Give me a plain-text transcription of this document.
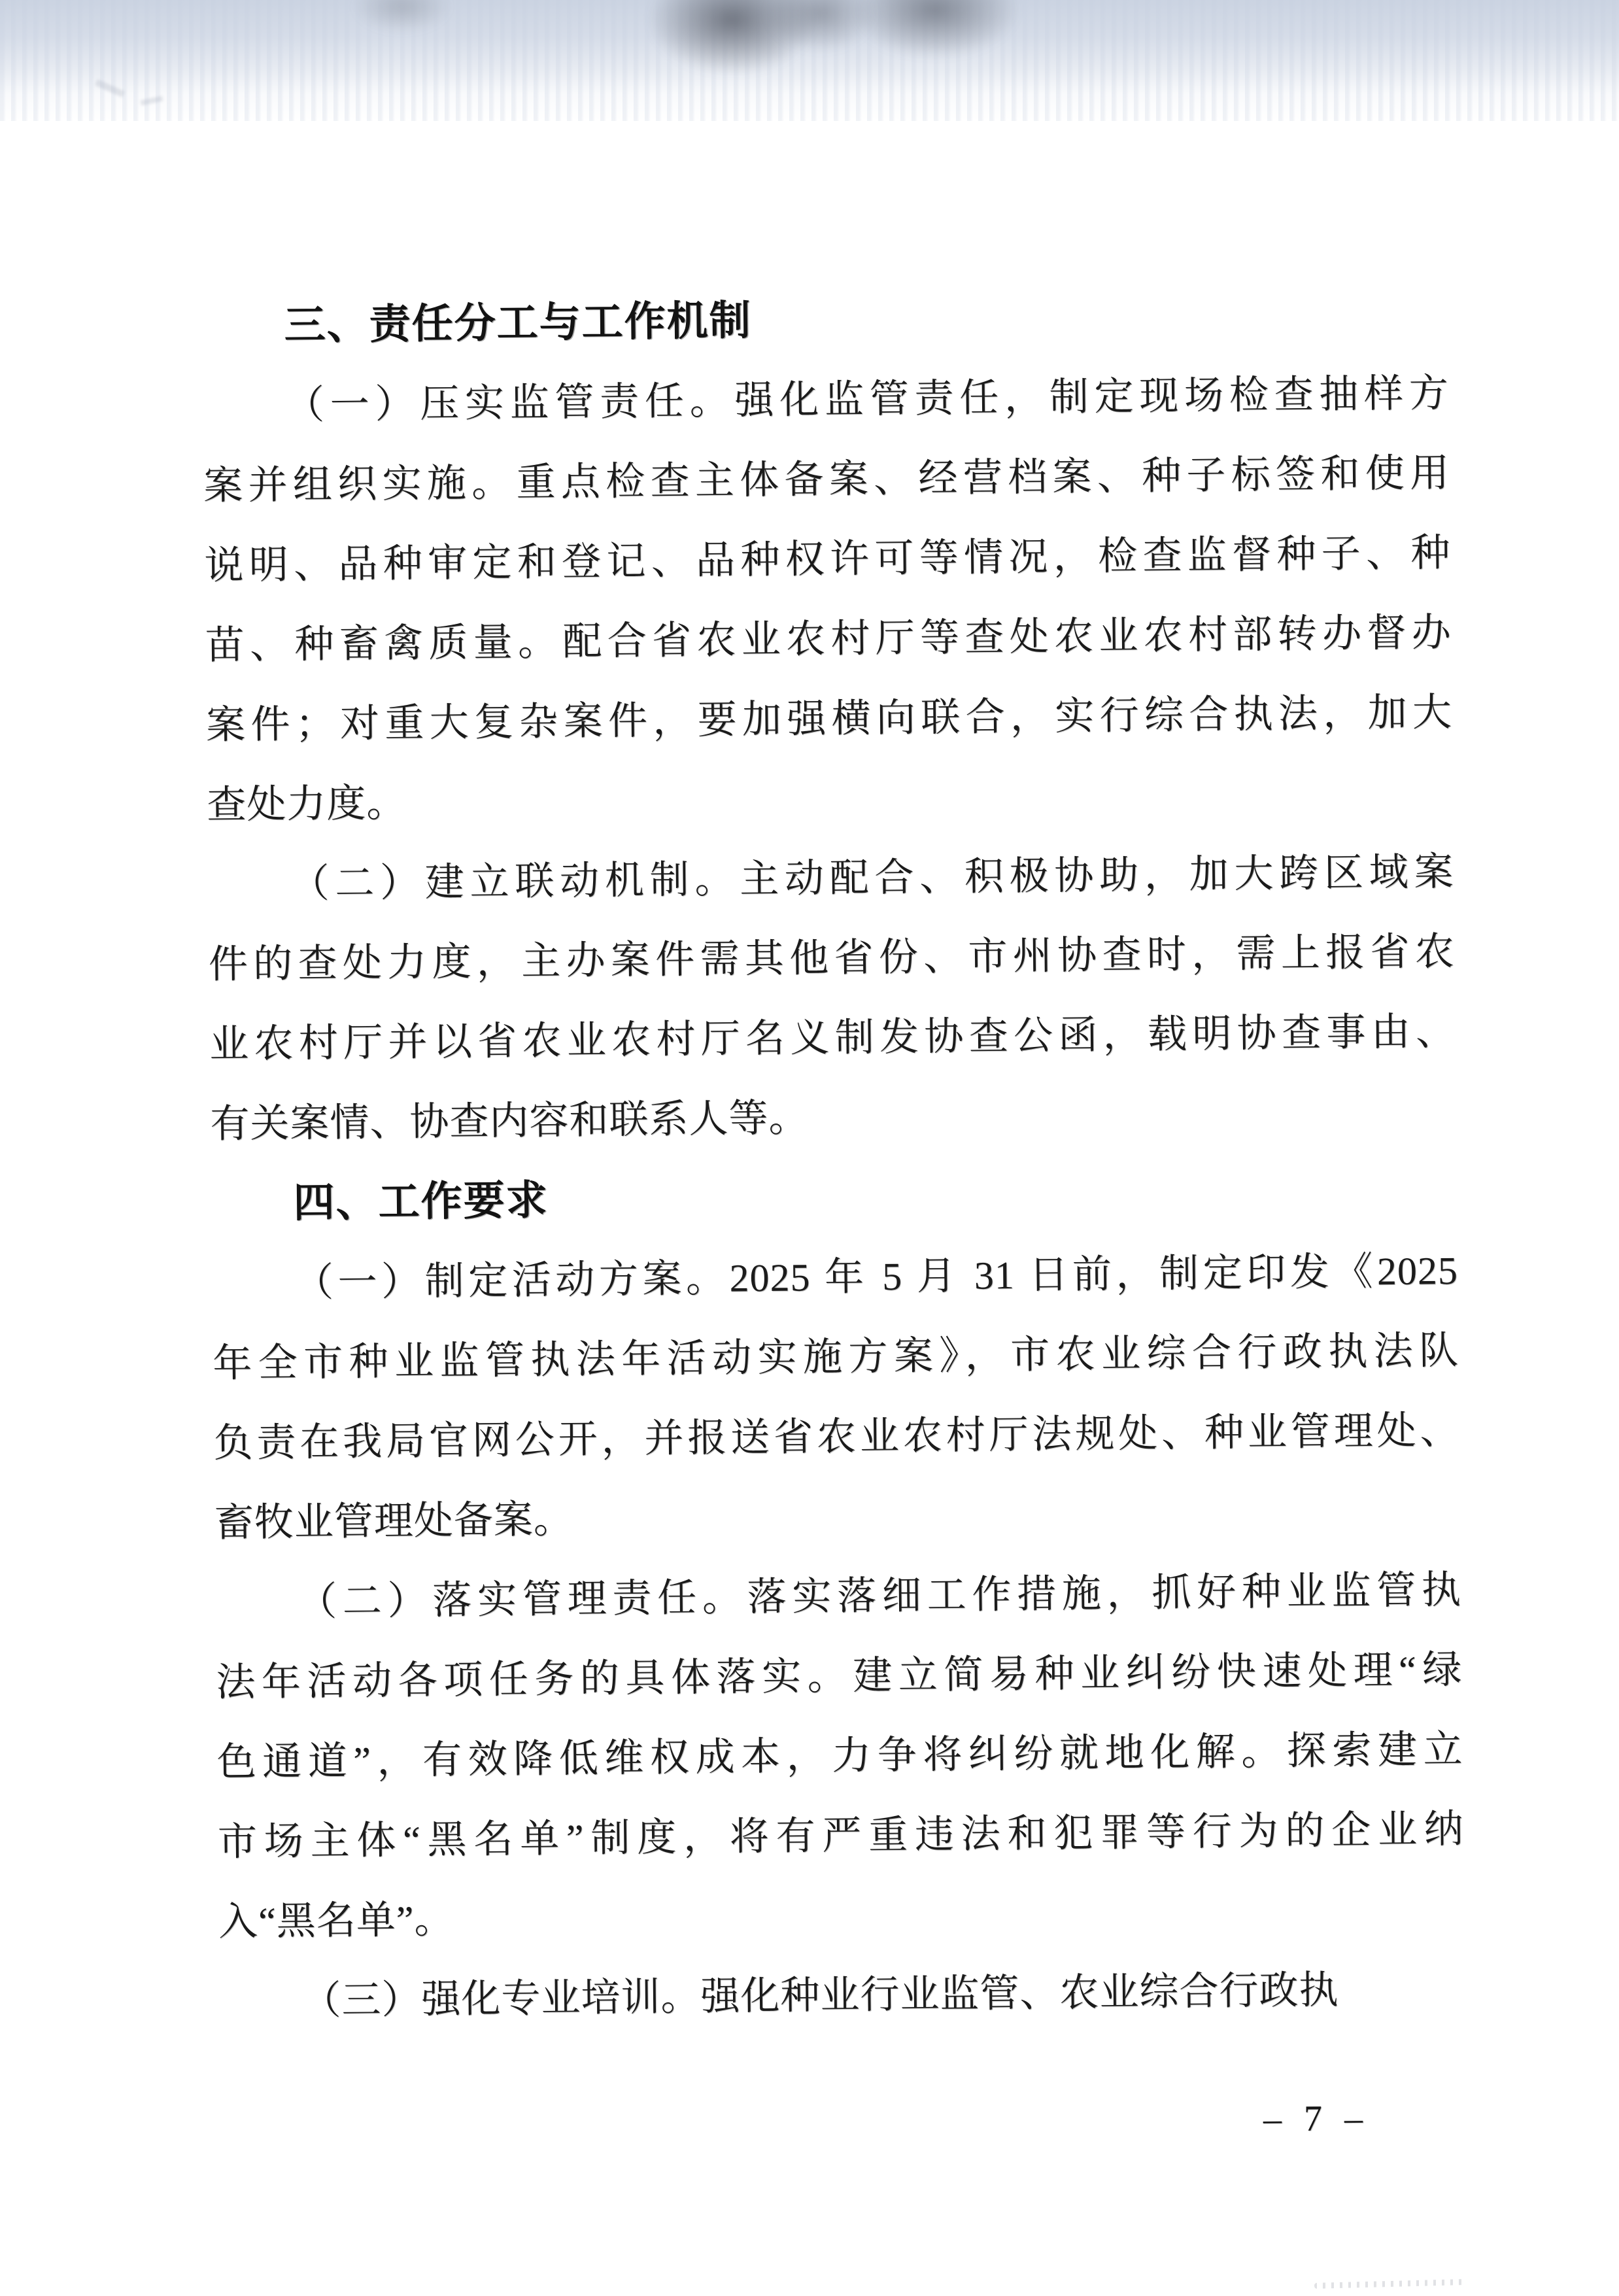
三、责任分工与工作机制
（一）压实监管责任。强化监管责任，制定现场检查抽样方
案并组织实施。重点检查主体备案、经营档案、种子标签和使用
说明、品种审定和登记、品种权许可等情况，检查监督种子、种
苗、种畜禽质量。配合省农业农村厅等查处农业农村部转办督办
案件；对重大复杂案件，要加强横向联合，实行综合执法，加大
查处力度。
（二）建立联动机制。主动配合、积极协助，加大跨区域案
件的查处力度，主办案件需其他省份、市州协查时，需上报省农
业农村厅并以省农业农村厅名义制发协查公函，载明协查事由、
有关案情、协查内容和联系人等。
四、工作要求
（一）制定活动方案。2025 年 5 月 31 日前，制定印发《2025
年全市种业监管执法年活动实施方案》，市农业综合行政执法队
负责在我局官网公开，并报送省农业农村厅法规处、种业管理处、
畜牧业管理处备案。
（二）落实管理责任。落实落细工作措施，抓好种业监管执
法年活动各项任务的具体落实。建立简易种业纠纷快速处理“绿
色通道”，有效降低维权成本，力争将纠纷就地化解。探索建立
市场主体“黑名单”制度，将有严重违法和犯罪等行为的企业纳
入“黑名单”。
（三）强化专业培训。强化种业行业监管、农业综合行政执
– 7 –
